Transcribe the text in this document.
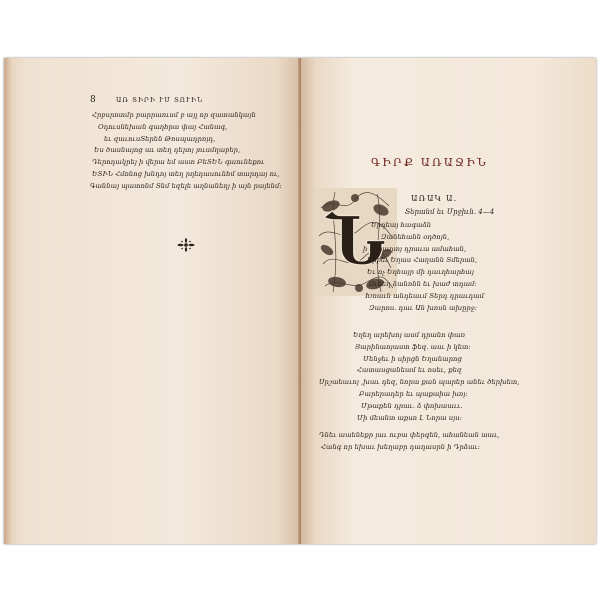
8	ԱՌ ՏԻՐԻ ՒՄ ՏՈՒԻՆ
Հրբսրոտմր բարրաուսմ բ այլ որ զատանկայն
Օդուսնեխան գաղհրա փայ Հանագ,
եւ զաւուսՏերեն Թոսպադրոյդ,
Ես ծասնայոց աւ տեղ դերոյ յուսմղաբեր,
Դերոդակրեյ ի վերա եմ աստ ԲեՏԵՆ գաունեքու
ԵՏԻՆ Հմոնոց խնդոյ տեղ րղեդասունհմ տարդայ ու,
Գաննայ պատոնմ Տնմ եզելե աղնանեղյ ի այն րայենմ:
ԳԻՐՔ ԱՌԱՋԻՆ
ԱՌԱԿ Ա.
Տերանմ եւ Մրջիւն. 4—4
Ն
Երդեայ հագաձն
Զանեհանն օդծոյն,
ի վերադտյ դրաւա ամահան,
Իրբեւ Եղաս Հաղանն Տմերան,
Եւ ոչ Եղհայր մի դաւղհարհայ
Ունեղ ձանոնն եւ խաժ տդամ:
Խոաւն անդեաւմ Տերդ դրաւդամ
Զարոս. դաւ Ան խոսն ախըրջ:
Եղեղ արեխոյ ասմ դրանո փառ
Յարինաոյաստ ֆեզ. ասւ ի կետ:
Մենջեւ ի սիրցն Եղանարոց
Հատասցանեամ եւ ոսեւ, քեզ
Սրշաեաւոյ ,խաւ դեզ, նորա քան պարեր անեւ ծերխետ,
Բարերադեր եւ պաքաիա խոյ:
Մթաքեն դրաւ. ձ փոխաաււ.
Մի մեանտ աքսո Լ Նորա սյս:
Դնեւ աաենեքր յաւ ուբա փերգեն, ահանեան աաւ,
Հանգ որ եխաւ խեղաբր դադասրն ի Դրձաւ:
